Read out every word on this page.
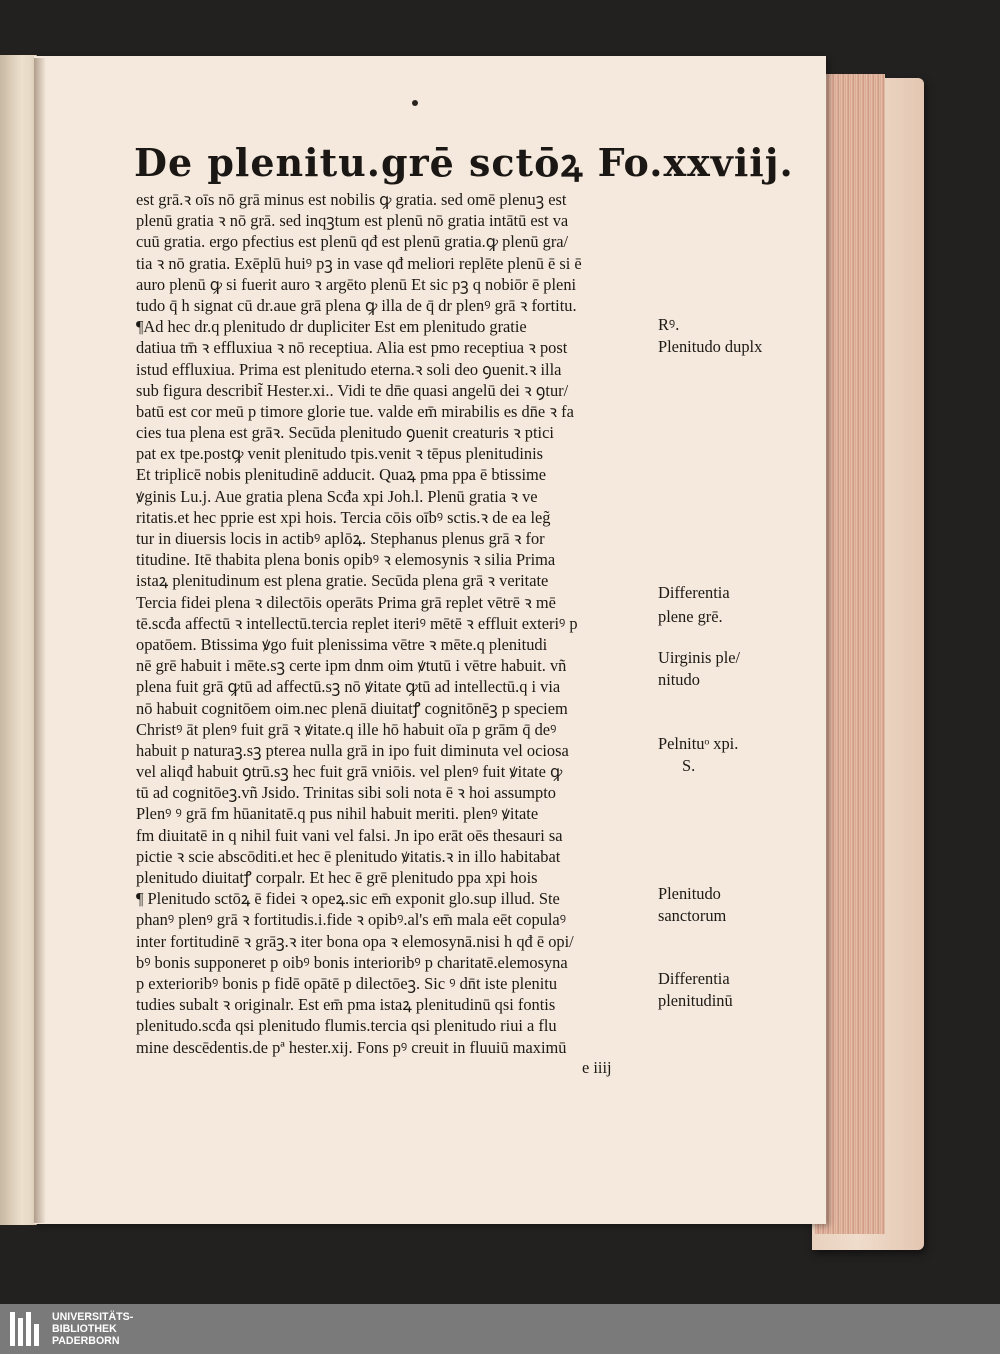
De plenitu.grē sctōꝝ Fo.xxviij.
est grā.ꝛ oīs nō grā minus est nobilis ꝙ gratia. sed omē plenuꝫ est
plenū gratia ꝛ nō grā. sed inqꝫtum est plenū nō gratia intātū est va
cuū gratia. ergo pfectius est plenū qđ est plenū gratia.ꝙ plenū gra/
tia ꝛ nō gratia. Exēplū huiꝰ pꝫ in vase qđ meliori replēte plenū ē si ē
auro plenū ꝙ si fuerit auro ꝛ argēto plenū Et sic pꝫ q nobiōr ē pleni
tudo q̄ h signat cū dr.aue grā plena ꝙ illa de q̄ dr plenꝰ grā ꝛ fortitu.
¶Ad hec dr.q plenitudo dr dupliciter Est em plenitudo gratie
datiua tm̄ ꝛ effluxiua ꝛ nō receptiua. Alia est pmo receptiua ꝛ post
istud effluxiua. Prima est plenitudo eterna.ꝛ soli deo ꝯuenit.ꝛ illa
sub figura describit̃ Hester.xi.. Vidi te dn̄e quasi angelū dei ꝛ ꝯtur/
batū est cor meū p timore glorie tue. valde em̄ mirabilis es dn̄e ꝛ fa
cies tua plena est grāꝛ. Secūda plenitudo ꝯuenit creaturis ꝛ ptici
pat ex tpe.postꝙ venit plenitudo tpis.venit ꝛ tēpus plenitudinis
Et triplicē nobis plenitudinē adducit. Quaꝝ pma ppa ē btissime
ꝟginis Lu.j. Aue gratia plena Scđa xpi Joh.l. Plenū gratia ꝛ ve
ritatis.et hec pprie est xpi hois. Tercia cōis oībꝰ sctis.ꝛ de ea leg̃
tur in diuersis locis in actibꝰ aplōꝝ. Stephanus plenus grā ꝛ for
titudine. Itē thabita plena bonis opibꝰ ꝛ elemosynis ꝛ silia Prima
istaꝝ plenitudinum est plena gratie. Secūda plena grā ꝛ veritate
Tercia fidei plena ꝛ dilectōis operāts Prima grā replet vētrē ꝛ mē
tē.scđa affectū ꝛ intellectū.tercia replet iteriꝰ mētē ꝛ effluit exteriꝰ p
opatōem. Btissima ꝟgo fuit plenissima vētre ꝛ mēte.q plenitudi
nē grē habuit i mēte.sꝫ certe ipm dnm oim ꝟtutū i vētre habuit. vñ
plena fuit grā ꝙtū ad affectū.sꝫ nō ꝟitate ꝙtū ad intellectū.q i via
nō habuit cognitōem oim.nec plenā diuitatꝭ cognitōnēꝫ p speciem
Christꝰ āt plenꝰ fuit grā ꝛ ꝟitate.q ille hō habuit oīa p grām q̄ deꝰ
habuit p naturaꝫ.sꝫ pterea nulla grā in ipo fuit diminuta vel ociosa
vel aliqđ habuit ꝯtrū.sꝫ hec fuit grā vniōis. vel plenꝰ fuit ꝟitate ꝙ
tū ad cognitōeꝫ.vñ Jsido. Trinitas sibi soli nota ē ꝛ hoi assumpto
Plenꝰ ꝰ grā fm hūanitatē.q pus nihil habuit meriti. plenꝰ ꝟitate
fm diuitatē in q nihil fuit vani vel falsi. Jn ipo erāt oēs thesauri sa
pictie ꝛ scie abscōditi.et hec ē plenitudo ꝟitatis.ꝛ in illo habitabat
plenitudo diuitatꝭ corpalr. Et hec ē grē plenitudo ppa xpi hois
¶ Plenitudo sctōꝝ ē fidei ꝛ opeꝝ.sic em̄ exponit glo.sup illud. Ste
phanꝰ plenꝰ grā ꝛ fortitudis.i.fide ꝛ opibꝰ.al's em̄ mala eēt copulaꝰ
inter fortitudinē ꝛ grāꝫ.ꝛ iter bona opa ꝛ elemosynā.nisi h qđ ē opi/
bꝰ bonis supponeret p oibꝰ bonis interioribꝰ p charitatē.elemosyna
p exterioribꝰ bonis p fidē opātē p dilectōeꝫ. Sic ꝰ dn̄t iste plenitu
tudies subalt ꝛ originalr. Est em̄ pma istaꝝ plenitudinū qsi fontis
plenitudo.scđa qsi plenitudo flumis.tercia qsi plenitudo riui a flu
mine descēdentis.de pª hester.xij. Fons pꝰ creuit in fluuiū maximū
Rꝰ.
Plenitudo duplx
Differentia
plene grē.
Uirginis ple/
nitudo
Pelnituᵒ xpi.
S.
Plenitudo
sanctorum
Differentia
plenitudinū
e iiij
UNIVERSITÄTS-
BIBLIOTHEK
PADERBORN
